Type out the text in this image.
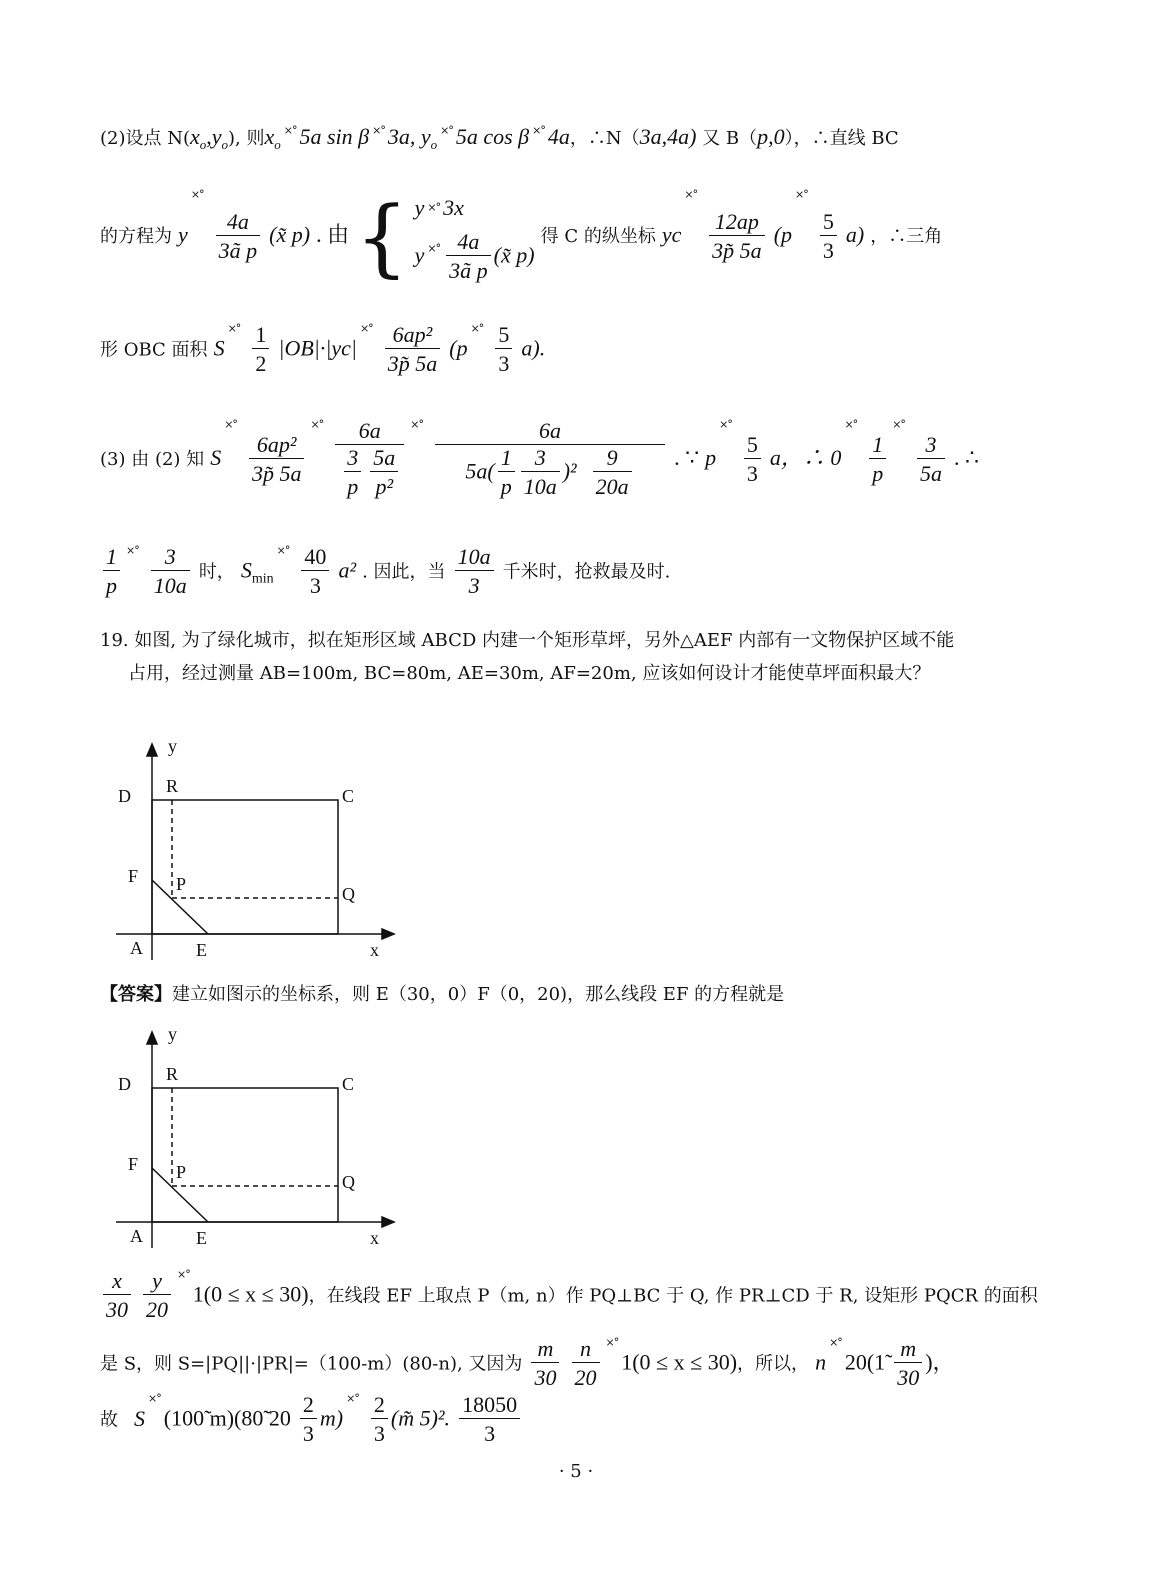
(2)设点 $N(x_o,y_o)$, 则$x_o^{\times^\circ}$ 5a sin β ×° 3a, $y_o^{\times^\circ}$ 5a cos β ×° 4a，∴N（3a,4a) 又 B（p,0），∴直线 BC
的方程为 y×°
$\frac{4a}{3ã p}$ (x̃ p) . 由 { y ×° 3x
y $^{\times^\circ} \frac{4a}{3ã p}$ (x̃ p)
得 C 的纵坐标 yc×°
$\frac{12ap}{3p̃ 5a} (p^{\times^\circ}$
$\frac{5}{3} a$) ，∴三角
形 OBC 面积 $S^{\times^\circ} \frac{1}{2} |OB|\cdot|yc|^{\times^\circ} \frac{\text{6ap²}}{3p̃ 5a} (p^{\times^\circ} \frac{5}{3} a)$.
(3) 由 (2) 知 S×°
$\frac{\text{6ap²}}{3p̃ 5a}$
$^{\times^\circ} \frac{6a}{\frac{3}{p} \frac{5a}{\text{p²}}} ^{\times^\circ} \frac{6a}{5a( \frac{1}{p} \frac{3}{10a} )^2 \frac{9}{20a}}$ . ∵ p×°
$\frac{5}{3}$ a，∴ 0×°
$\frac{1}{p}$
×°
$\frac{3}{5a}$ . ∴
$\frac{1}{p} ^{\times^\circ} \frac{3}{10a}$ 时， $S_{min}^{\times^\circ} \frac{40}{3} a^2$ . 因此，当 $\frac{10a}{3}$ 千米时，抢救最及时.
19. 如图, 为了绿化城市，拟在矩形区域 ABCD 内建一个矩形草坪，另外△AEF 内部有一文物保护区域不能
占用，经过测量 AB=100m, BC=80m, AE=30m, AF=20m, 应该如何设计才能使草坪面积最大？
y
D R	C
F P	Q
A	E	x
【答案】建立如图示的坐标系，则 E（30，0）F（0，20)，那么线段 EF 的方程就是
y
D R	C
F P	Q
A	E	x
$\frac{x}{30}$
$\frac{y}{20} ^{\times^\circ}1(0 \le x \le 30)$，在线段 EF 上取点 P（m, n）作 PQ⊥BC 于 Q, 作 PR⊥CD 于 R, 设矩形 PQCR 的面积
是 S，则 S=|PQ||·|PR|=（100-m）(80-n), 又因为 $\frac{m}{30}$
$\frac{n}{20} ^{\times^\circ}1(0 \le x \le 30)$，所以， n×°20(1̃ $\frac{m}{30}$ )，
故 S×°(100̃ m)(80̃ $20 \frac{2}{3} m)^{\times^\circ} \frac{2}{3}$ (m̃ 5)². $\frac{18050}{3}$
· 5 ·
